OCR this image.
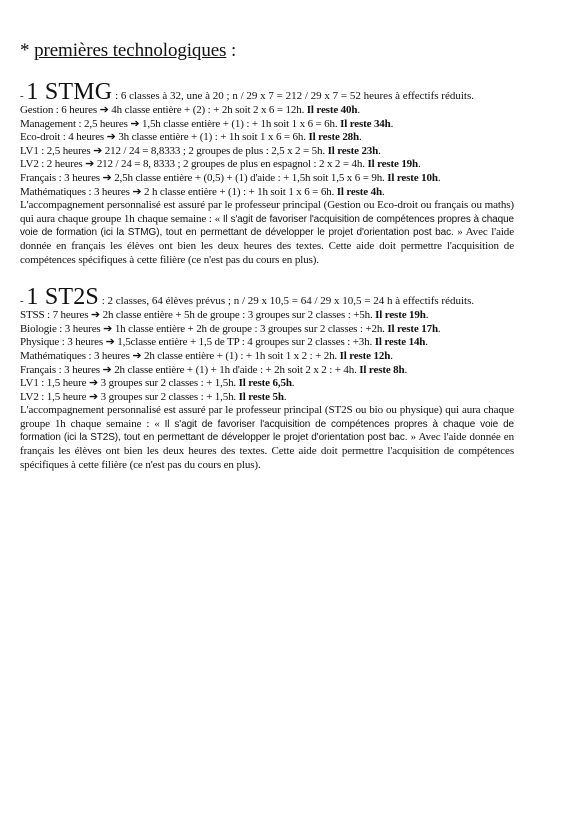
* premières technologiques :
- 1 STMG : 6 classes à 32, une à 20 ; n / 29 x 7 = 212 / 29 x 7 = 52 heures à effectifs réduits.
Gestion : 6 heures ➔ 4h classe entière + (2) : + 2h soit 2 x 6 = 12h. Il reste 40h.
Management : 2,5 heures ➔ 1,5h classe entière + (1) : + 1h soit 1 x 6 = 6h. Il reste 34h.
Eco-droit : 4 heures ➔ 3h classe entière + (1) : + 1h soit 1 x 6 = 6h. Il reste 28h.
LV1 : 2,5 heures ➔ 212 / 24 = 8,8333 ; 2 groupes de plus : 2,5 x 2 = 5h. Il reste 23h.
LV2 : 2 heures ➔ 212 / 24 = 8, 8333 ; 2 groupes de plus en espagnol : 2 x 2 = 4h. Il reste 19h.
Français : 3 heures ➔ 2,5h classe entière + (0,5) + (1) d'aide : + 1,5h soit 1,5 x 6 = 9h. Il reste 10h.
Mathématiques : 3 heures ➔ 2 h classe entière + (1) : + 1h soit 1 x 6 = 6h. Il reste 4h.

L'accompagnement personnalisé est assuré par le professeur principal (Gestion ou Eco-droit ou français ou maths) qui aura chaque groupe 1h chaque semaine : « Il s'agit de favoriser l'acquisition de compétences propres à chaque voie de formation (ici la STMG), tout en permettant de développer le projet d'orientation post bac. » Avec l'aide donnée en français les élèves ont bien les deux heures des textes. Cette aide doit permettre l'acquisition de compétences spécifiques à cette filière (ce n'est pas du cours en plus).

- 1 ST2S : 2 classes, 64 élèves prévus ; n / 29 x 10,5 = 64 / 29 x 10,5 = 24 h à effectifs réduits.
STSS : 7 heures ➔ 2h classe entière + 5h de groupe : 3 groupes sur 2 classes : +5h. Il reste 19h.
Biologie : 3 heures ➔ 1h classe entière + 2h de groupe : 3 groupes sur 2 classes : +2h. Il reste 17h.
Physique : 3 heures ➔ 1,5classe entière + 1,5 de TP : 4 groupes sur 2 classes : +3h. Il reste 14h.
Mathématiques : 3 heures ➔ 2h classe entière + (1) : + 1h soit 1 x 2 : + 2h. Il reste 12h.
Français : 3 heures ➔ 2h classe entière + (1) + 1h d'aide : + 2h soit 2 x 2 : + 4h. Il reste 8h.
LV1 : 1,5 heure ➔ 3 groupes sur 2 classes : + 1,5h. Il reste 6,5h.
LV2 : 1,5 heure ➔ 3 groupes sur 2 classes : + 1,5h. Il reste 5h.

L'accompagnement personnalisé est assuré par le professeur principal (ST2S ou bio ou physique) qui aura chaque groupe 1h chaque semaine : « Il s'agit de favoriser l'acquisition de compétences propres à chaque voie de formation (ici la ST2S), tout en permettant de développer le projet d'orientation post bac. » Avec l'aide donnée en français les élèves ont bien les deux heures des textes. Cette aide doit permettre l'acquisition de compétences spécifiques à cette filière (ce n'est pas du cours en plus).
